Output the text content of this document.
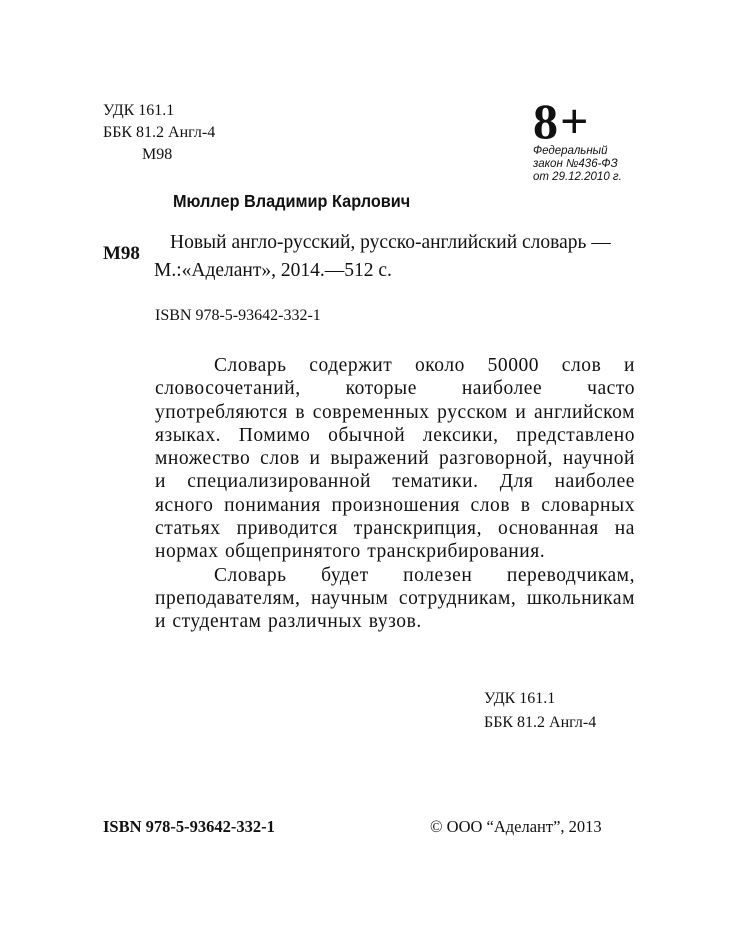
УДК 161.1
ББК 81.2 Англ-4
М98
8+
Федеральный
закон №436-ФЗ
от 29.12.2010 г.
Мюллер Владимир Карлович
М98
Новый англо-русский, русско-английский словарь —
М.:«Аделант», 2014.—512 с.
ISBN 978-5-93642-332-1

Словарь содержит около 50000 слов и словосочетаний, которые наиболее часто употребляются в современных русском и английском языках. Помимо обычной лексики, представлено множество слов и выражений разговорной, научной и специализированной тематики. Для наиболее ясного понимания произношения слов в словарных статьях приводится транскрипция, основанная на нормах общепринятого транскрибирования.

Словарь будет полезен переводчикам, преподавателям, научным сотрудникам, школьникам и студентам различных вузов.

УДК 161.1
ББК 81.2 Англ-4
ISBN 978-5-93642-332-1	© ООО “Аделант”, 2013
